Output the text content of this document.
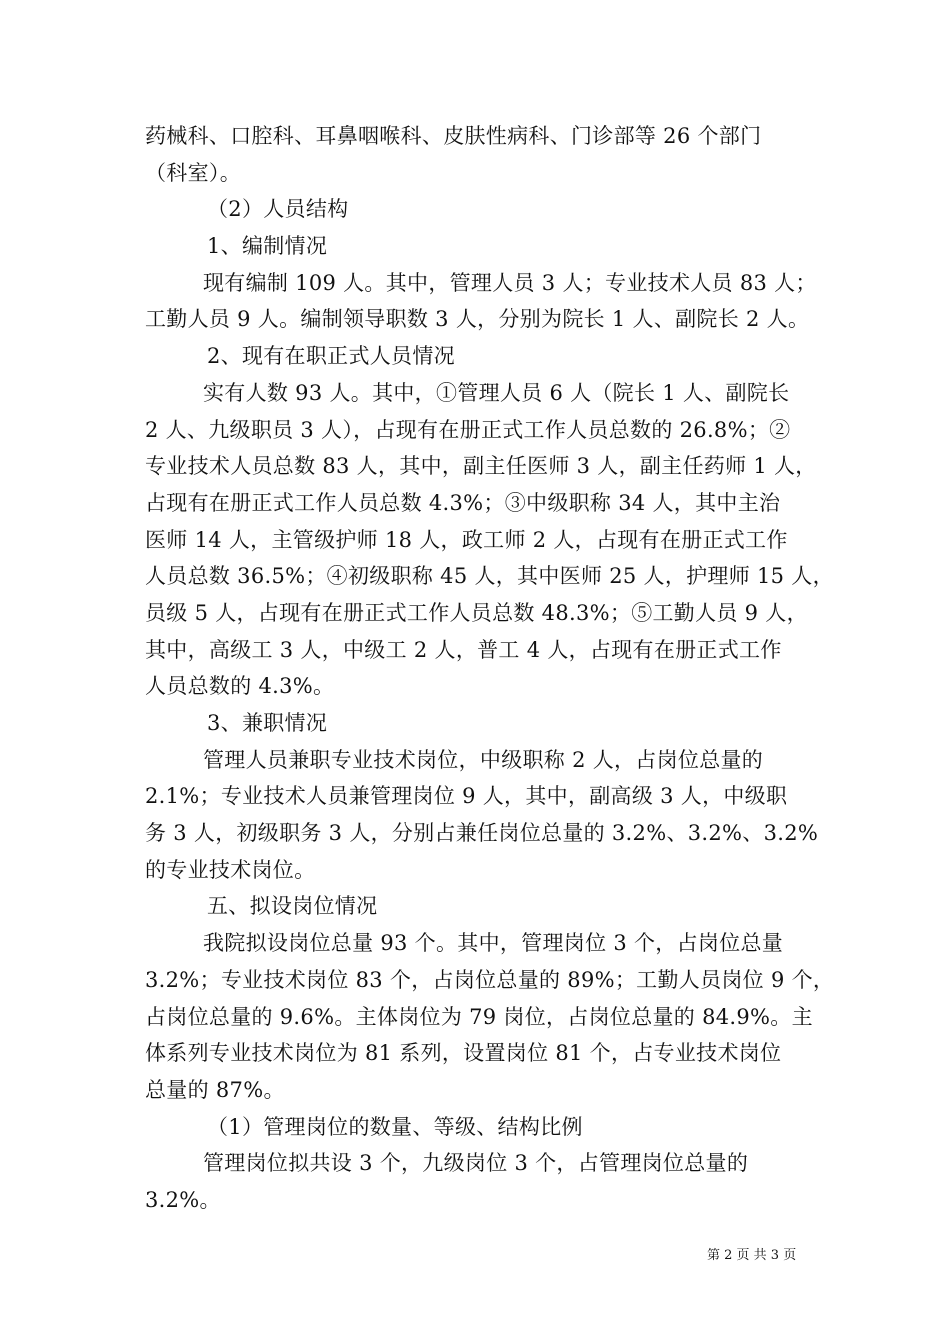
药械科、口腔科、耳鼻咽喉科、皮肤性病科、门诊部等 26 个部门
（科室）。
（2）人员结构
1、编制情况
现有编制 109 人。其中，管理人员 3 人；专业技术人员 83 人；
工勤人员 9 人。编制领导职数 3 人，分别为院长 1 人、副院长 2 人。
2、现有在职正式人员情况
实有人数 93 人。其中，①管理人员 6 人（院长 1 人、副院长
2 人、九级职员 3 人），占现有在册正式工作人员总数的 26.8%；②
专业技术人员总数 83 人，其中，副主任医师 3 人，副主任药师 1 人，
占现有在册正式工作人员总数 4.3%；③中级职称 34 人，其中主治
医师 14 人，主管级护师 18 人，政工师 2 人，占现有在册正式工作
人员总数 36.5%；④初级职称 45 人，其中医师 25 人，护理师 15 人，
员级 5 人，占现有在册正式工作人员总数 48.3%；⑤工勤人员 9 人，
其中，高级工 3 人，中级工 2 人，普工 4 人，占现有在册正式工作
人员总数的 4.3%。
3、兼职情况
管理人员兼职专业技术岗位，中级职称 2 人，占岗位总量的
2.1%；专业技术人员兼管理岗位 9 人，其中，副高级 3 人，中级职
务 3 人，初级职务 3 人，分别占兼任岗位总量的 3.2%、3.2%、3.2%
的专业技术岗位。
五、拟设岗位情况
我院拟设岗位总量 93 个。其中，管理岗位 3 个，占岗位总量
3.2%；专业技术岗位 83 个，占岗位总量的 89%；工勤人员岗位 9 个，
占岗位总量的 9.6%。主体岗位为 79 岗位，占岗位总量的 84.9%。主
体系列专业技术岗位为 81 系列，设置岗位 81 个，占专业技术岗位
总量的 87%。
（1）管理岗位的数量、等级、结构比例
管理岗位拟共设 3 个，九级岗位 3 个，占管理岗位总量的
3.2%。
第 2 页 共 3 页
